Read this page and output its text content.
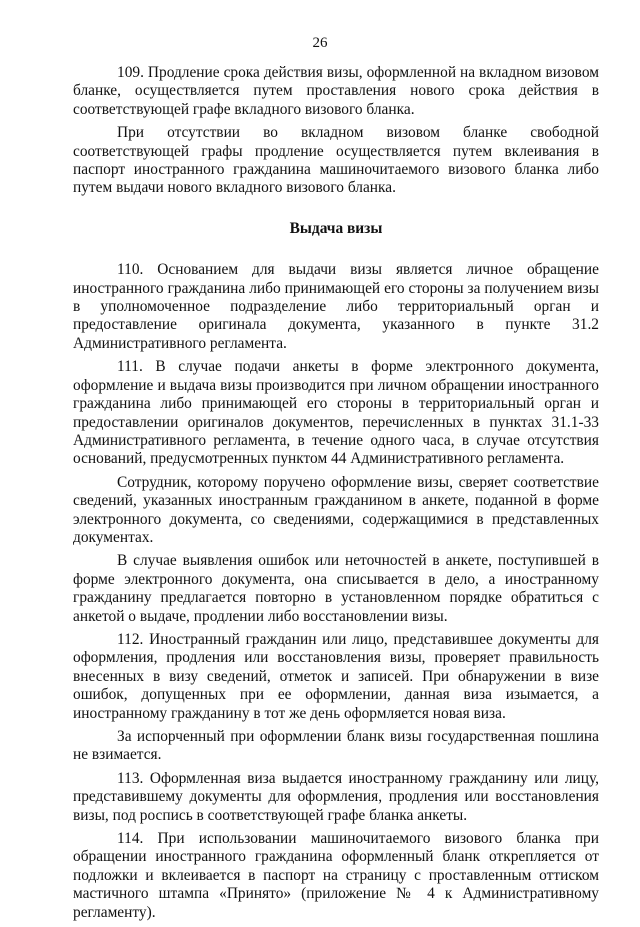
26

109. Продление срока действия визы, оформленной на вкладном визовом бланке, осуществляется путем проставления нового срока действия в соответствующей графе вкладного визового бланка.

При отсутствии во вкладном визовом бланке свободной соответствующей графы продление осуществляется путем вклеивания в паспорт иностранного гражданина машиночитаемого визового бланка либо путем выдачи нового вкладного визового бланка.

Выдача визы

110. Основанием для выдачи визы является личное обращение иностранного гражданина либо принимающей его стороны за получением визы в уполномоченное подразделение либо территориальный орган и предоставление оригинала документа, указанного в пункте 31.2 Административного регламента.

111. В случае подачи анкеты в форме электронного документа, оформление и выдача визы производится при личном обращении иностранного гражданина либо принимающей его стороны в территориальный орган и предоставлении оригиналов документов, перечисленных в пунктах 31.1-33 Административного регламента, в течение одного часа, в случае отсутствия оснований, предусмотренных пунктом 44 Административного регламента.

Сотрудник, которому поручено оформление визы, сверяет соответствие сведений, указанных иностранным гражданином в анкете, поданной в форме электронного документа, со сведениями, содержащимися в представленных документах.

В случае выявления ошибок или неточностей в анкете, поступившей в форме электронного документа, она списывается в дело, а иностранному гражданину предлагается повторно в установленном порядке обратиться с анкетой о выдаче, продлении либо восстановлении визы.

112. Иностранный гражданин или лицо, представившее документы для оформления, продления или восстановления визы, проверяет правильность внесенных в визу сведений, отметок и записей. При обнаружении в визе ошибок, допущенных при ее оформлении, данная виза изымается, а иностранному гражданину в тот же день оформляется новая виза.

За испорченный при оформлении бланк визы государственная пошлина не взимается.

113. Оформленная виза выдается иностранному гражданину или лицу, представившему документы для оформления, продления или восстановления визы, под роспись в соответствующей графе бланка анкеты.

114. При использовании машиночитаемого визового бланка при обращении иностранного гражданина оформленный бланк открепляется от подложки и вклеивается в паспорт на страницу с проставленным оттиском мастичного штампа «Принято» (приложение № 4 к Административному регламенту).
